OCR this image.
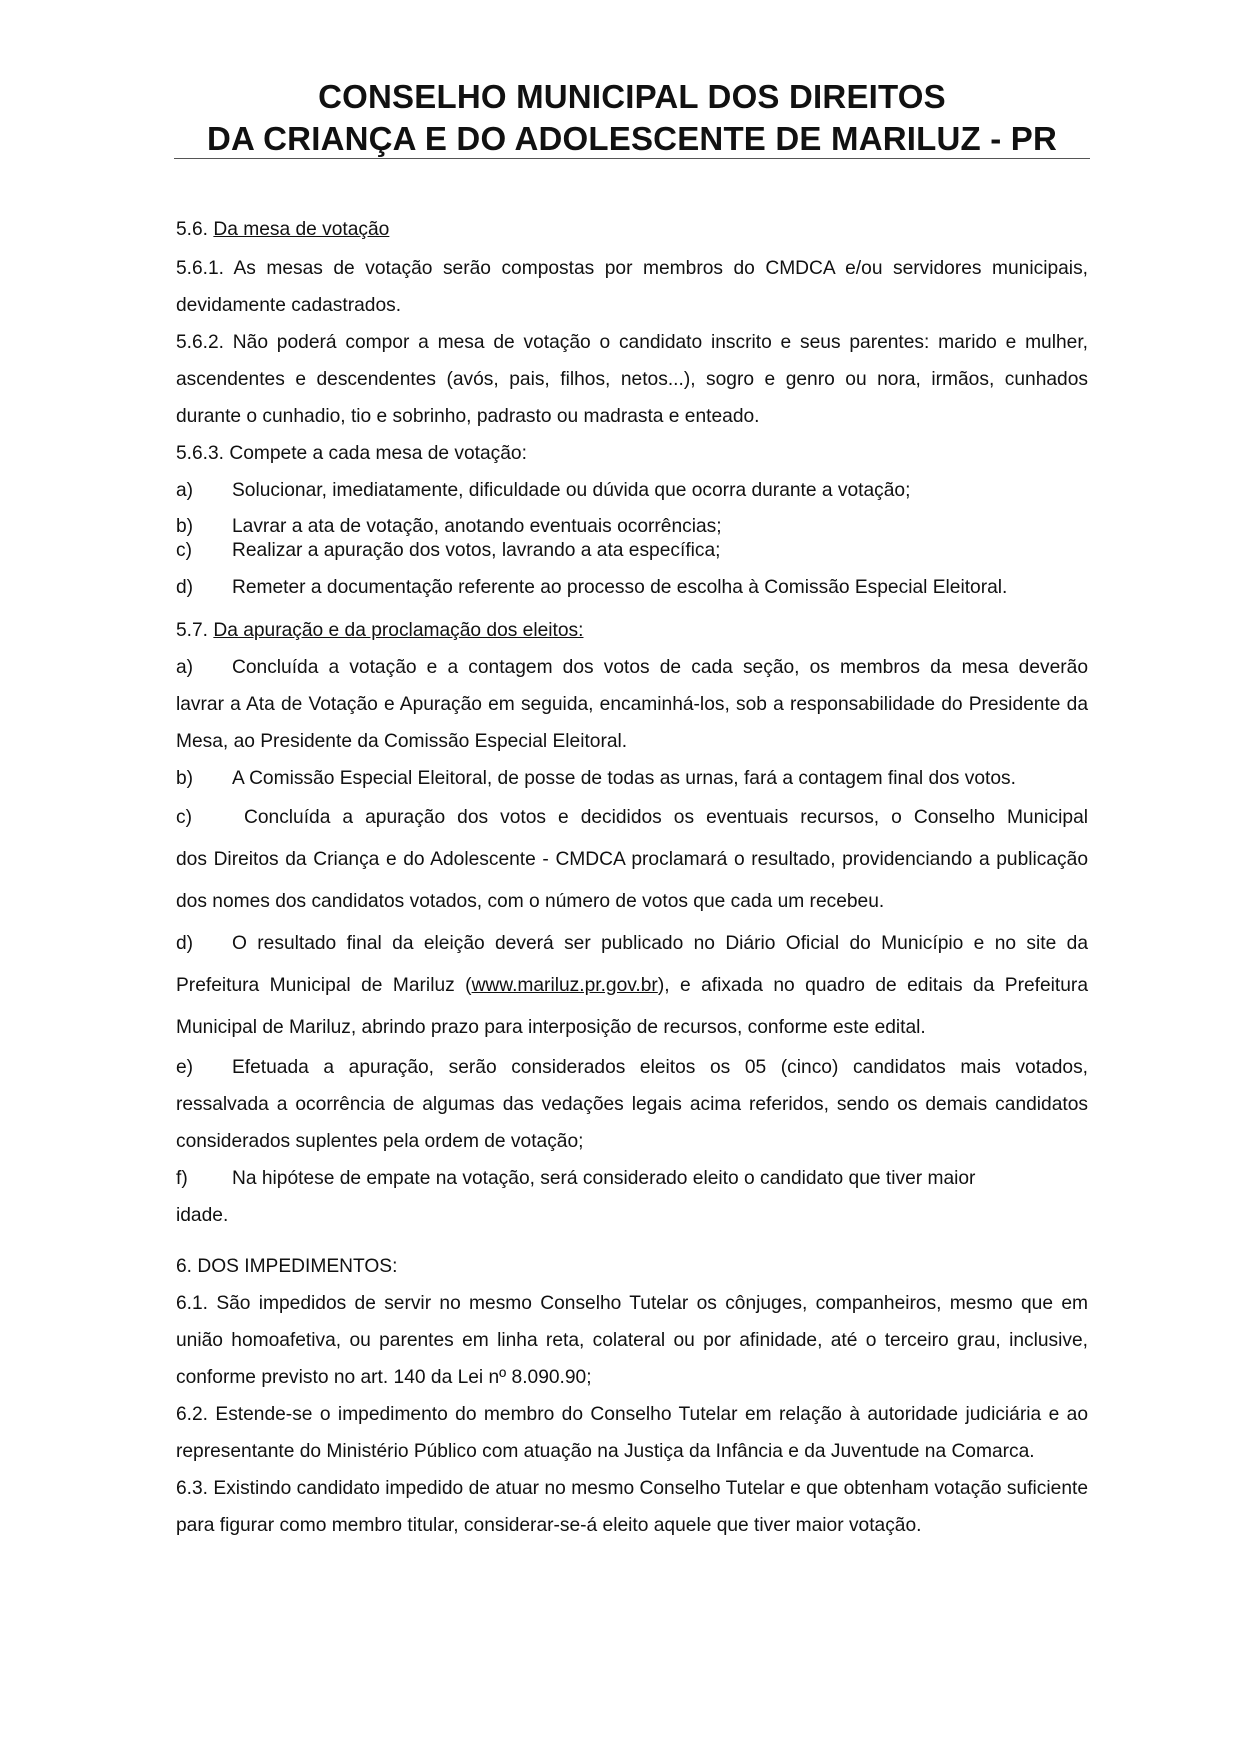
CONSELHO MUNICIPAL DOS DIREITOS
DA CRIANÇA E DO ADOLESCENTE DE MARILUZ - PR

5.6. Da mesa de votação

5.6.1. As mesas de votação serão compostas por membros do CMDCA e/ou servidores municipais, devidamente cadastrados.

5.6.2. Não poderá compor a mesa de votação o candidato inscrito e seus parentes: marido e mulher, ascendentes e descendentes (avós, pais, filhos, netos...), sogro e genro ou nora, irmãos, cunhados durante o cunhadio, tio e sobrinho, padrasto ou madrasta e enteado.

5.6.3. Compete a cada mesa de votação:

a)	Solucionar, imediatamente, dificuldade ou dúvida que ocorra durante a votação;
b)	Lavrar a ata de votação, anotando eventuais ocorrências;
c)	Realizar a apuração dos votos, lavrando a ata específica;
d)	Remeter a documentação referente ao processo de escolha à Comissão Especial Eleitoral.

5.7. Da apuração e da proclamação dos eleitos:

a)	Concluída a votação e a contagem dos votos de cada seção, os membros da mesa deverão

lavrar a Ata de Votação e Apuração em seguida, encaminhá-los, sob a responsabilidade do Presidente da Mesa, ao Presidente da Comissão Especial Eleitoral.

b)	A Comissão Especial Eleitoral, de posse de todas as urnas, fará a contagem final dos votos.
c)	Concluída a apuração dos votos e decididos os eventuais recursos, o Conselho Municipal

dos Direitos da Criança e do Adolescente - CMDCA proclamará o resultado, providenciando a publicação dos nomes dos candidatos votados, com o número de votos que cada um recebeu.

d)	O resultado final da eleição deverá ser publicado no Diário Oficial do Município e no site da

Prefeitura Municipal de Mariluz (www.mariluz.pr.gov.br), e afixada no quadro de editais da Prefeitura Municipal de Mariluz, abrindo prazo para interposição de recursos, conforme este edital.

e)	Efetuada a apuração, serão considerados eleitos os 05 (cinco) candidatos mais votados,

ressalvada a ocorrência de algumas das vedações legais acima referidos, sendo os demais candidatos considerados suplentes pela ordem de votação;

f)	Na hipótese de empate na votação, será considerado eleito o candidato que tiver maior

idade.

6. DOS IMPEDIMENTOS:

6.1. São impedidos de servir no mesmo Conselho Tutelar os cônjuges, companheiros, mesmo que em união homoafetiva, ou parentes em linha reta, colateral ou por afinidade, até o terceiro grau, inclusive, conforme previsto no art. 140 da Lei nº 8.090.90;

6.2. Estende-se o impedimento do membro do Conselho Tutelar em relação à autoridade judiciária e ao representante do Ministério Público com atuação na Justiça da Infância e da Juventude na Comarca.

6.3. Existindo candidato impedido de atuar no mesmo Conselho Tutelar e que obtenham votação suficiente para figurar como membro titular, considerar-se-á eleito aquele que tiver maior votação.
